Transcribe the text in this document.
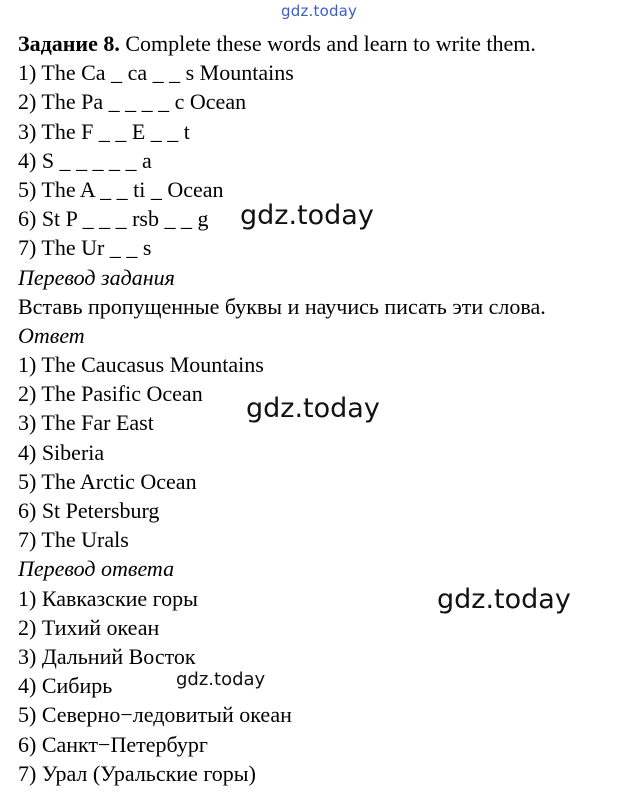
gdz.today
Задание 8. Complete these words and learn to write them.
1) The Ca _ ca _ _ s Mountains
2) The Pa _ _ _ _ c Ocean
3) The F _ _ E _ _ t
4) S _ _ _ _ _ a
5) The A _ _ ti _ Ocean
6) St P _ _ _ rsb _ _ g
7) The Ur _ _ s
Перевод задания
Вставь пропущенные буквы и научись писать эти слова.
Ответ
1) The Caucasus Mountains
2) The Pasific Ocean
3) The Far East
4) Siberia
5) The Arctic Ocean
6) St Petersburg
7) The Urals
Перевод ответа
1) Кавказские горы
2) Тихий океан
3) Дальний Восток
4) Сибирь
5) Северно−ледовитый океан
6) Санкт−Петербург
7) Урал (Уральские горы)
gdz.today
gdz.today
gdz.today
gdz.today
